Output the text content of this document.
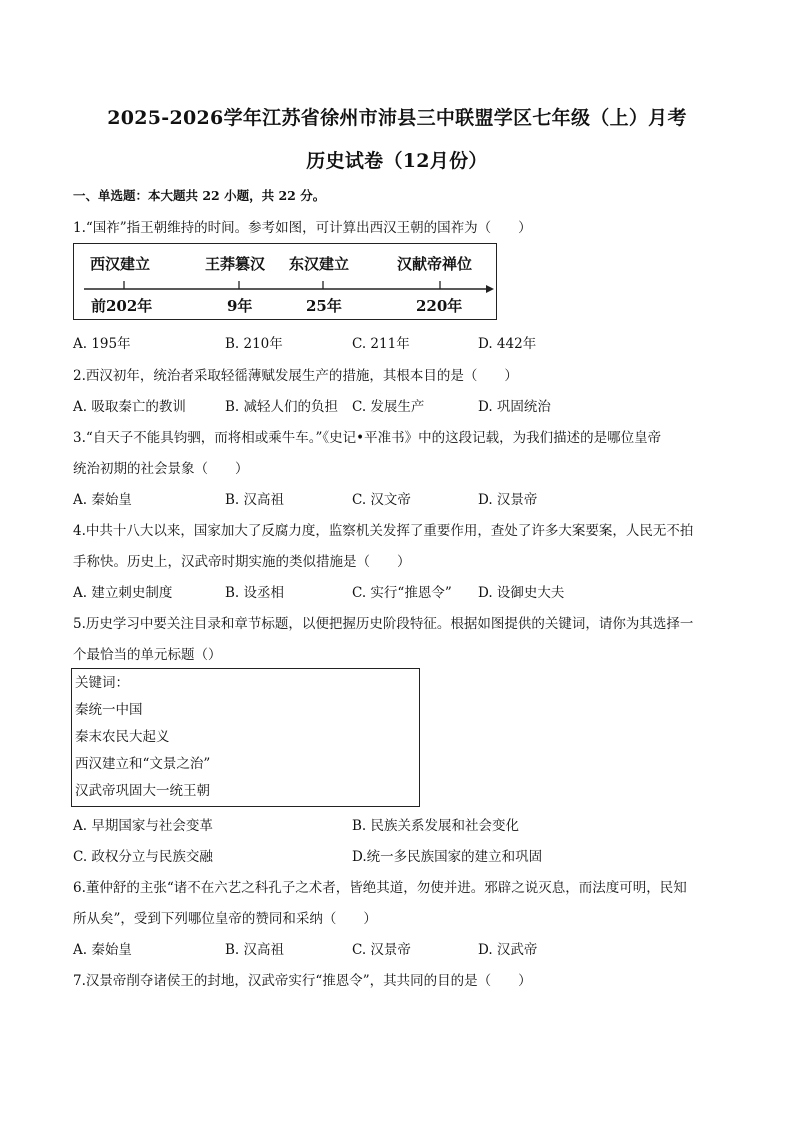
2025-2026学年江苏省徐州市沛县三中联盟学区七年级（上）月考
历史试卷（12月份）
一、单选题：本大题共 22 小题，共 22 分。
1.“国祚”指王朝维持的时间。参考如图，可计算出西汉王朝的国祚为（　　）
西汉建立	王莽篡汉 东汉建立	汉献帝禅位
前202年	9年	25年	220年
A. 195年	B. 210年	C. 211年	D. 442年
2.西汉初年，统治者采取轻徭薄赋发展生产的措施，其根本目的是（　　）
A. 吸取秦亡的教训	B. 减轻人们的负担 C. 发展生产	D. 巩固统治
3.“自天子不能具钧驷，而将相或乘牛车。”《史记•平准书》中的这段记载，为我们描述的是哪位皇帝
统治初期的社会景象（　　）
A. 秦始皇	B. 汉高祖	C. 汉文帝	D. 汉景帝
4.中共十八大以来，国家加大了反腐力度，监察机关发挥了重要作用，查处了许多大案要案，人民无不拍
手称快。历史上，汉武帝时期实施的类似措施是（　　）
A. 建立刺史制度	B. 设丞相	C. 实行“推恩令” D. 设御史大夫
5.历史学习中要关注目录和章节标题，以便把握历史阶段特征。根据如图提供的关键词，请你为其选择一
个最恰当的单元标题（）
关键词：
秦统一中国
秦末农民大起义
西汉建立和“文景之治”
汉武帝巩固大一统王朝
A. 早期国家与社会变革	B. 民族关系发展和社会变化
C. 政权分立与民族交融	D.统一多民族国家的建立和巩固
6.董仲舒的主张“诸不在六艺之科孔子之术者，皆绝其道，勿使并进。邪辟之说灭息，而法度可明，民知
所从矣”，受到下列哪位皇帝的赞同和采纳（　　）
A. 秦始皇	B. 汉高祖	C. 汉景帝	D. 汉武帝
7.汉景帝削夺诸侯王的封地，汉武帝实行“推恩令”，其共同的目的是（　　）
